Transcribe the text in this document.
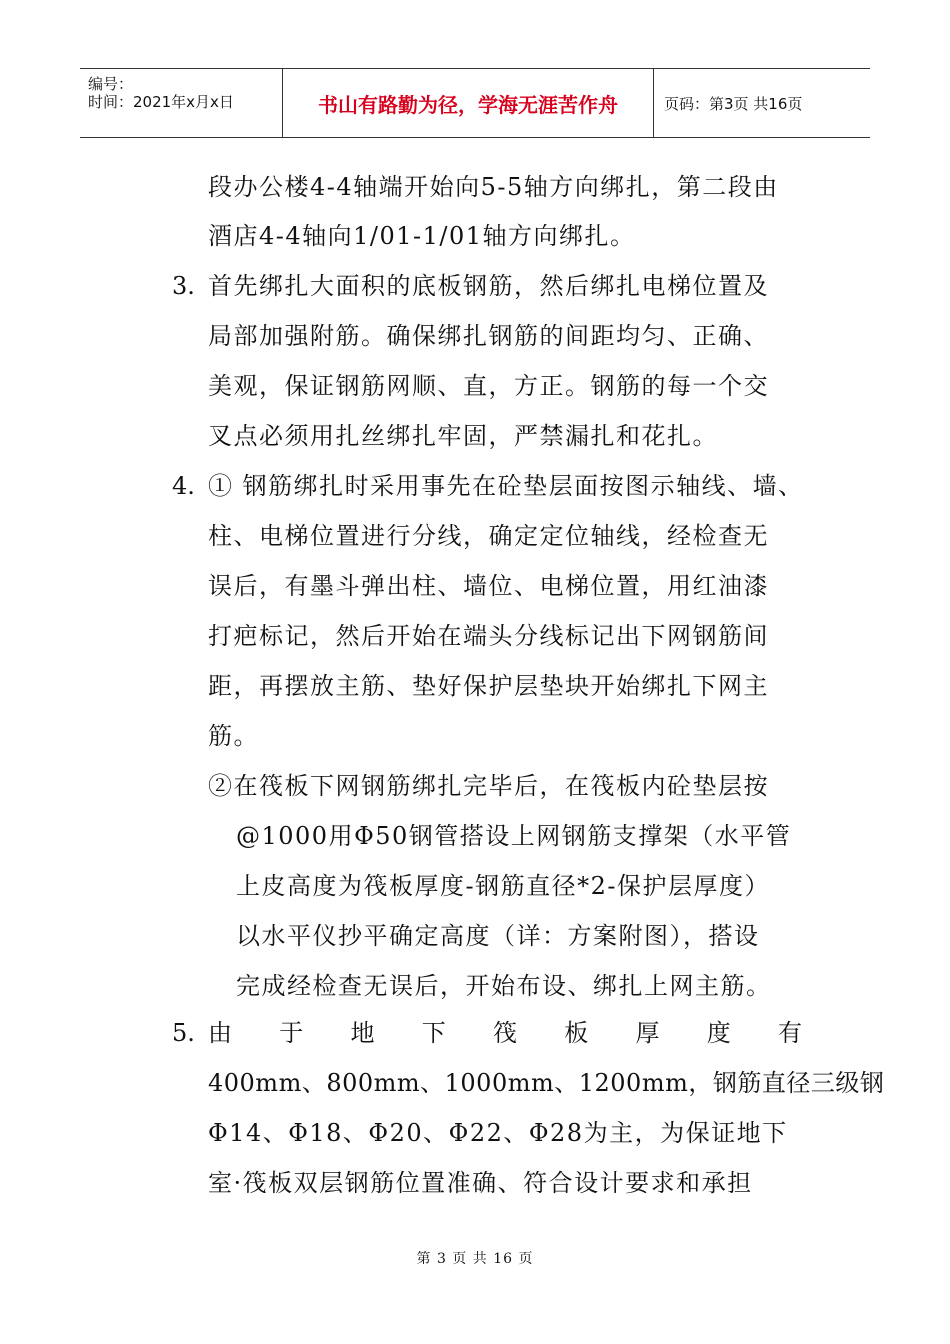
编号：
时间：2021年x月x日	书山有路勤为径，学海无涯苦作舟	页码：第3页 共16页
段办公楼4-4轴端开始向5-5轴方向绑扎，第二段由
酒店4-4轴向1/01-1/01轴方向绑扎。
3. 首先绑扎大面积的底板钢筋，然后绑扎电梯位置及
局部加强附筋。确保绑扎钢筋的间距均匀、正确、
美观，保证钢筋网顺、直，方正。钢筋的每一个交
叉点必须用扎丝绑扎牢固，严禁漏扎和花扎。
4. ① 钢筋绑扎时采用事先在砼垫层面按图示轴线、墙、
柱、电梯位置进行分线，确定定位轴线，经检查无
误后，有墨斗弹出柱、墙位、电梯位置，用红油漆
打疤标记，然后开始在端头分线标记出下网钢筋间
距，再摆放主筋、垫好保护层垫块开始绑扎下网主
筋。
②在筏板下网钢筋绑扎完毕后，在筏板内砼垫层按
@1000用Φ50钢管搭设上网钢筋支撑架（水平管
上皮高度为筏板厚度-钢筋直径*2-保护层厚度）
以水平仪抄平确定高度（详：方案附图），搭设
完成经检查无误后，开始布设、绑扎上网主筋。
5. 由 于 地 下 筏 板 厚 度 有
400mm、800mm、1000mm、1200mm，钢筋直径三级钢
Φ14、Φ18、Φ20、Φ22、Φ28为主，为保证地下
室·筏板双层钢筋位置准确、符合设计要求和承担
第 3 页 共 16 页
